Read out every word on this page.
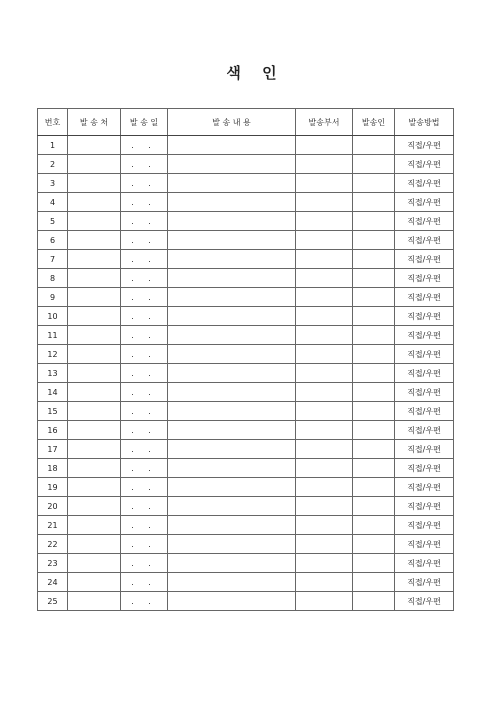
색 인
번호	발 송 처	발 송 일	발 송 내 용	발송부서	발송인	발송방법
1		. .				직접/우편
2		. .				직접/우편
3		. .				직접/우편
4		. .				직접/우편
5		. .				직접/우편
6		. .				직접/우편
7		. .				직접/우편
8		. .				직접/우편
9		. .				직접/우편
10		. .				직접/우편
11		. .				직접/우편
12		. .				직접/우편
13		. .				직접/우편
14		. .				직접/우편
15		. .				직접/우편
16		. .				직접/우편
17		. .				직접/우편
18		. .				직접/우편
19		. .				직접/우편
20		. .				직접/우편
21		. .				직접/우편
22		. .				직접/우편
23		. .				직접/우편
24		. .				직접/우편
25		. .				직접/우편
